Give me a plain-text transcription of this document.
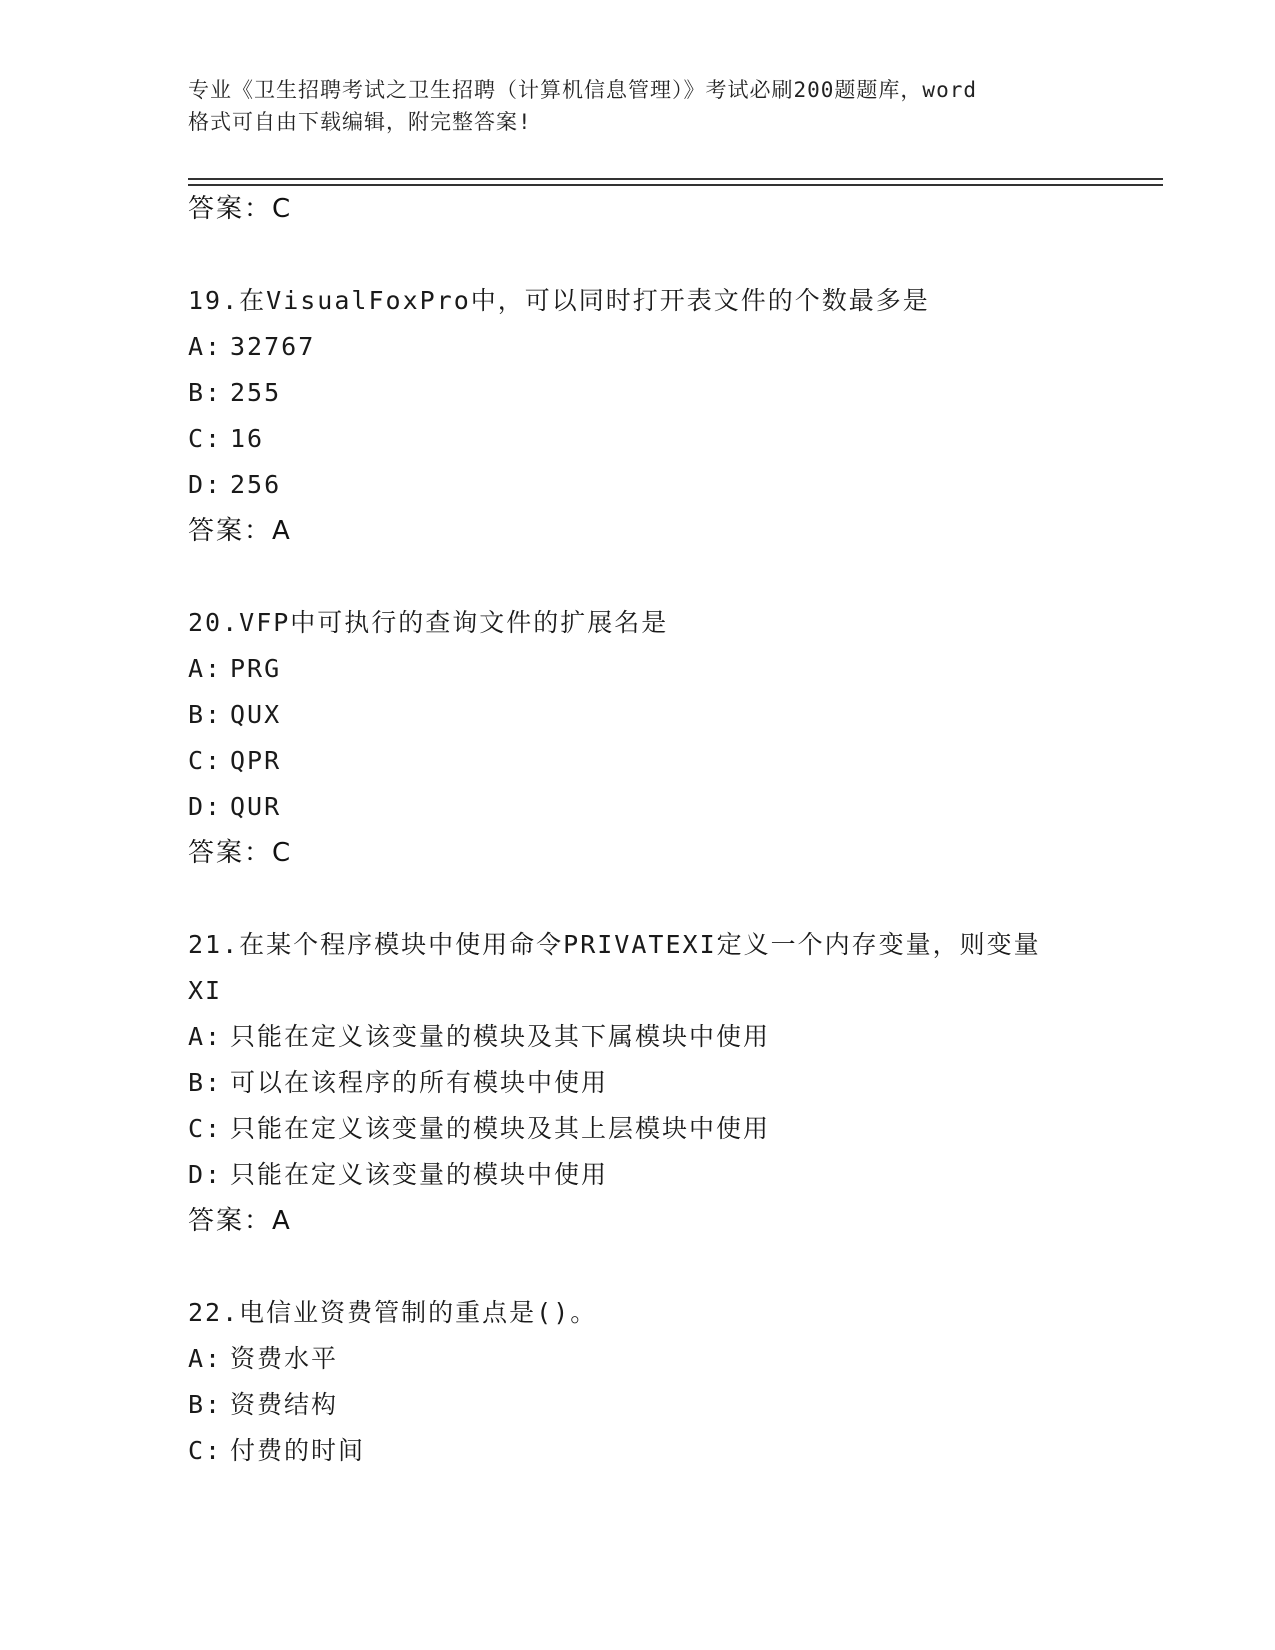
专业《卫生招聘考试之卫生招聘（计算机信息管理）》考试必刷200题题库，word
格式可自由下载编辑，附完整答案!
答案：C
19.在VisualFoxPro中，可以同时打开表文件的个数最多是
A: 32767
B: 255
C: 16
D: 256
答案：A
20.VFP中可执行的查询文件的扩展名是
A: PRG
B: QUX
C: QPR
D: QUR
答案：C
21.在某个程序模块中使用命令PRIVATEXI定义一个内存变量，则变量
XI
A: 只能在定义该变量的模块及其下属模块中使用
B: 可以在该程序的所有模块中使用
C: 只能在定义该变量的模块及其上层模块中使用
D: 只能在定义该变量的模块中使用
答案：A
22.电信业资费管制的重点是()。
A: 资费水平
B: 资费结构
C: 付费的时间
